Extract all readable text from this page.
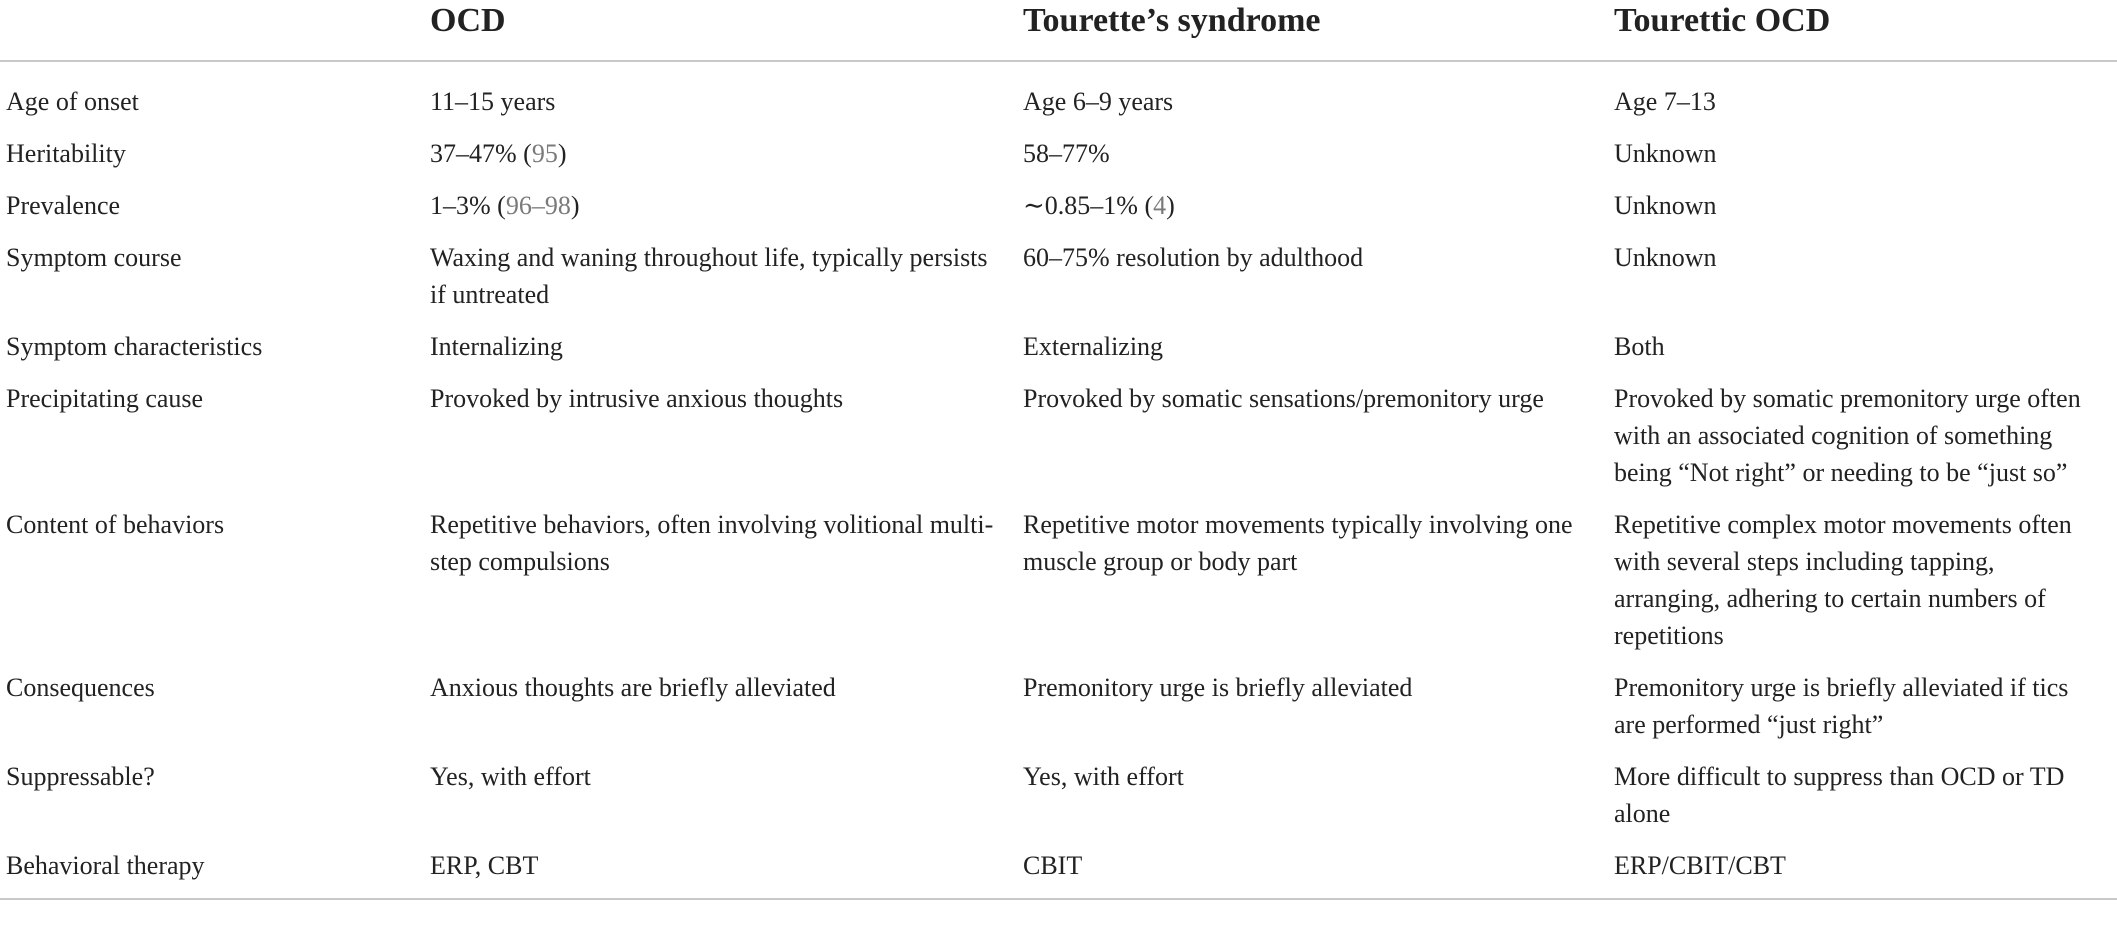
	OCD	Tourette’s syndrome	Tourettic OCD
Age of onset	11–15 years	Age 6–9 years	Age 7–13
Heritability	37–47% (95)	58–77%	Unknown
Prevalence	1–3% (96–98)	∼0.85–1% (4)	Unknown
Symptom course	Waxing and waning throughout life, typically persists if untreated	60–75% resolution by adulthood	Unknown
Symptom characteristics	Internalizing	Externalizing	Both
Precipitating cause	Provoked by intrusive anxious thoughts	Provoked by somatic sensations/premonitory urge	Provoked by somatic premonitory urge often with an associated cognition of something being “Not right” or needing to be “just so”
Content of behaviors	Repetitive behaviors, often involving volitional multi-step compulsions	Repetitive motor movements typically involving one muscle group or body part	Repetitive complex motor movements often with several steps including tapping, arranging, adhering to certain numbers of repetitions
Consequences	Anxious thoughts are briefly alleviated	Premonitory urge is briefly alleviated	Premonitory urge is briefly alleviated if tics are performed “just right”
Suppressable?	Yes, with effort	Yes, with effort	More difficult to suppress than OCD or TD alone
Behavioral therapy	ERP, CBT	CBIT	ERP/CBIT/CBT
